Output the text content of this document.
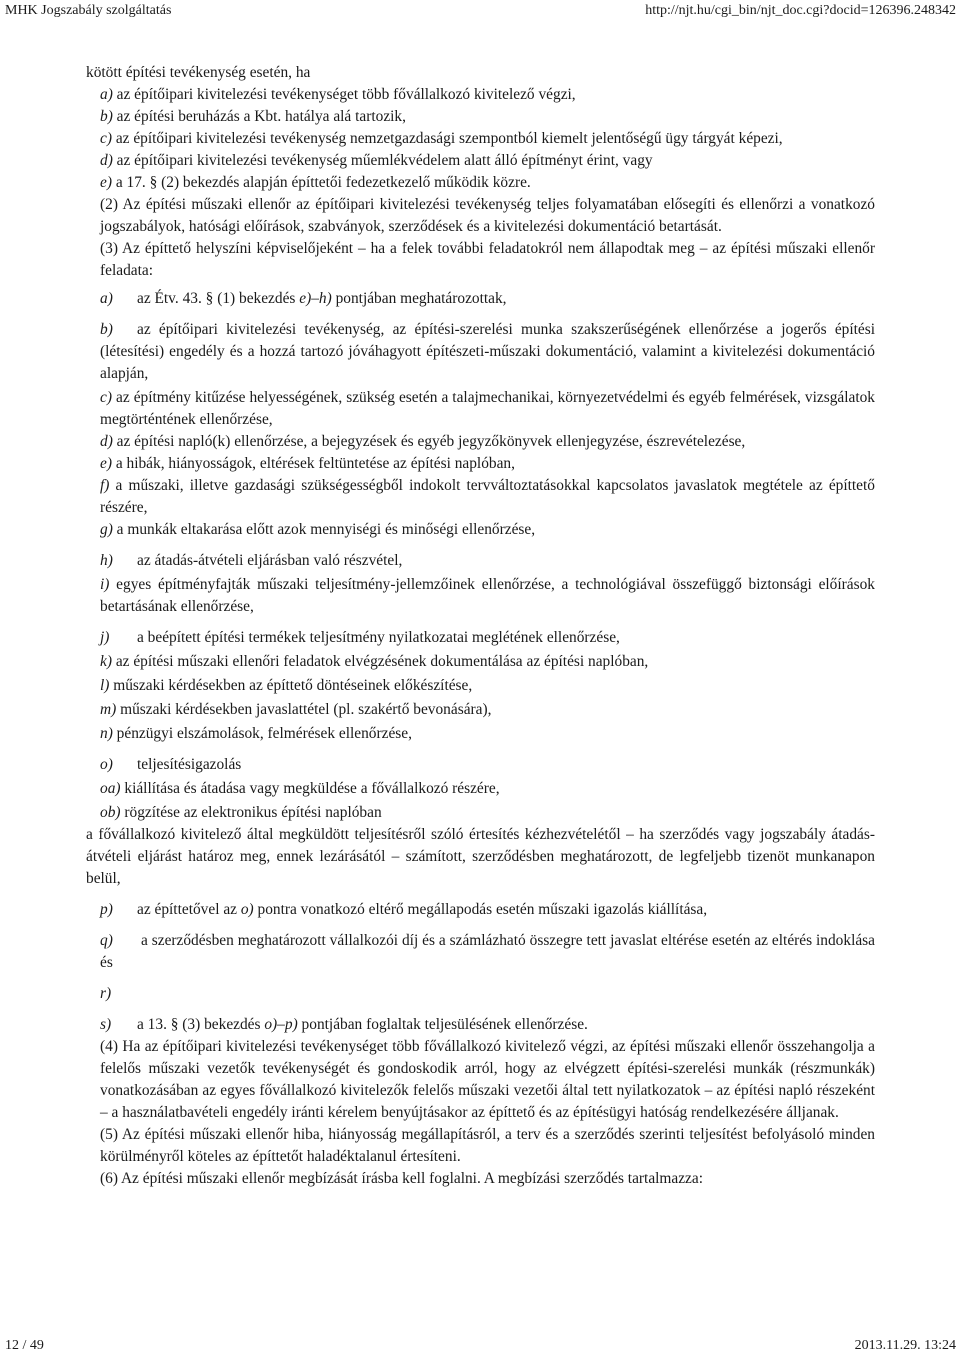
MHK Jogszabály szolgáltatás	http://njt.hu/cgi_bin/njt_doc.cgi?docid=126396.248342

kötött építési tevékenység esetén, ha

a) az építőipari kivitelezési tevékenységet több fővállalkozó kivitelező végzi,

b) az építési beruházás a Kbt. hatálya alá tartozik,

c) az építőipari kivitelezési tevékenység nemzetgazdasági szempontból kiemelt jelentőségű ügy tárgyát képezi,

d) az építőipari kivitelezési tevékenység műemlékvédelem alatt álló építményt érint, vagy

e) a 17. § (2) bekezdés alapján építtetői fedezetkezelő működik közre.

(2) Az építési műszaki ellenőr az építőipari kivitelezési tevékenység teljes folyamatában elősegíti és ellenőrzi a vonatkozó jogszabályok, hatósági előírások, szabványok, szerződések és a kivitelezési dokumentáció betartását.

(3) Az építtető helyszíni képviselőjeként – ha a felek további feladatokról nem állapodtak meg – az építési műszaki ellenőr feladata:

a) az Étv. 43. § (1) bekezdés e)–h) pontjában meghatározottak,

b) az építőipari kivitelezési tevékenység, az építési-szerelési munka szakszerűségének ellenőrzése a jogerős építési (létesítési) engedély és a hozzá tartozó jóváhagyott építészeti-műszaki dokumentáció, valamint a kivitelezési dokumentáció alapján,

c) az építmény kitűzése helyességének, szükség esetén a talajmechanikai, környezetvédelmi és egyéb felmérések, vizsgálatok megtörténtének ellenőrzése,

d) az építési napló(k) ellenőrzése, a bejegyzések és egyéb jegyzőkönyvek ellenjegyzése, észrevételezése,

e) a hibák, hiányosságok, eltérések feltüntetése az építési naplóban,

f) a műszaki, illetve gazdasági szükségességből indokolt tervváltoztatásokkal kapcsolatos javaslatok megtétele az építtető részére,

g) a munkák eltakarása előtt azok mennyiségi és minőségi ellenőrzése,

h) az átadás-átvételi eljárásban való részvétel,

i) egyes építményfajták műszaki teljesítmény-jellemzőinek ellenőrzése, a technológiával összefüggő biztonsági előírások betartásának ellenőrzése,

j) a beépített építési termékek teljesítmény nyilatkozatai meglétének ellenőrzése,

k) az építési műszaki ellenőri feladatok elvégzésének dokumentálása az építési naplóban,

l) műszaki kérdésekben az építtető döntéseinek előkészítése,

m) műszaki kérdésekben javaslattétel (pl. szakértő bevonására),

n) pénzügyi elszámolások, felmérések ellenőrzése,

o) teljesítésigazolás

oa) kiállítása és átadása vagy megküldése a fővállalkozó részére,

ob) rögzítése az elektronikus építési naplóban

a fővállalkozó kivitelező által megküldött teljesítésről szóló értesítés kézhezvételétől – ha szerződés vagy jogszabály átadás-átvételi eljárást határoz meg, ennek lezárásától – számított, szerződésben meghatározott, de legfeljebb tizenöt munkanapon belül,

p) az építtetővel az o) pontra vonatkozó eltérő megállapodás esetén műszaki igazolás kiállítása,

q) a szerződésben meghatározott vállalkozói díj és a számlázható összegre tett javaslat eltérése esetén az eltérés indoklása és

r)

s) a 13. § (3) bekezdés o)–p) pontjában foglaltak teljesülésének ellenőrzése.

(4) Ha az építőipari kivitelezési tevékenységet több fővállalkozó kivitelező végzi, az építési műszaki ellenőr összehangolja a felelős műszaki vezetők tevékenységét és gondoskodik arról, hogy az elvégzett építési-szerelési munkák (részmunkák) vonatkozásában az egyes fővállalkozó kivitelezők felelős műszaki vezetői által tett nyilatkozatok – az építési napló részeként – a használatbavételi engedély iránti kérelem benyújtásakor az építtető és az építésügyi hatóság rendelkezésére álljanak.

(5) Az építési műszaki ellenőr hiba, hiányosság megállapításról, a terv és a szerződés szerinti teljesítést befolyásoló minden körülményről köteles az építtetőt haladéktalanul értesíteni.

(6) Az építési műszaki ellenőr megbízását írásba kell foglalni. A megbízási szerződés tartalmazza:

12 / 49	2013.11.29. 13:24
